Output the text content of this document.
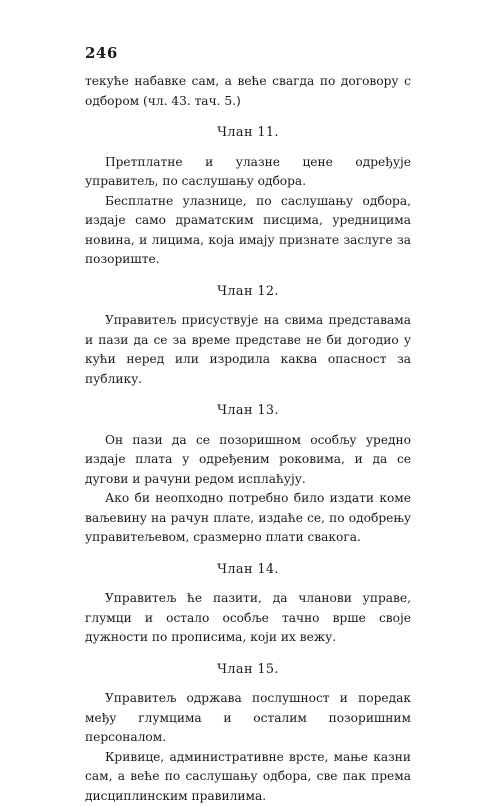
246

текуће набавке сам, а веће свагда по договору с одбором (чл. 43. тач. 5.)

Члан 11.

Претплатне и улазне цене одређује управитељ, по саслушању одбора.

Бесплатне улазнице, по саслушању одбора, издаје само драматским писцима, уредницима новина, и лицима, која имају признате заслуге за позориште.

Члан 12.

Управитељ присуствује на свима представама и пази да се за време представе не би догодио у кући неред или изродила каква опасност за публику.

Члан 13.

Он пази да се позоришном особљу уредно издаје плата у одређеним роковима, и да се дугови и рачуни редом исплаћују.

Ако би неопходно потребно било издати коме ваљевину на рачун плате, издаће се, по одобрењу управитељевом, сразмерно плати свакога.

Члан 14.

Управитељ ће пазити, да чланови управе, глумци и остало особље тачно врше своје дужности по прописима, који их вежу.

Члан 15.

Управитељ одржава послушност и поредак међу глумцима и осталим позоришним персоналом.

Кривице, административне врсте, мање казни сам, а веће по саслушању одбора, све пак према дисциплинским правилима.
